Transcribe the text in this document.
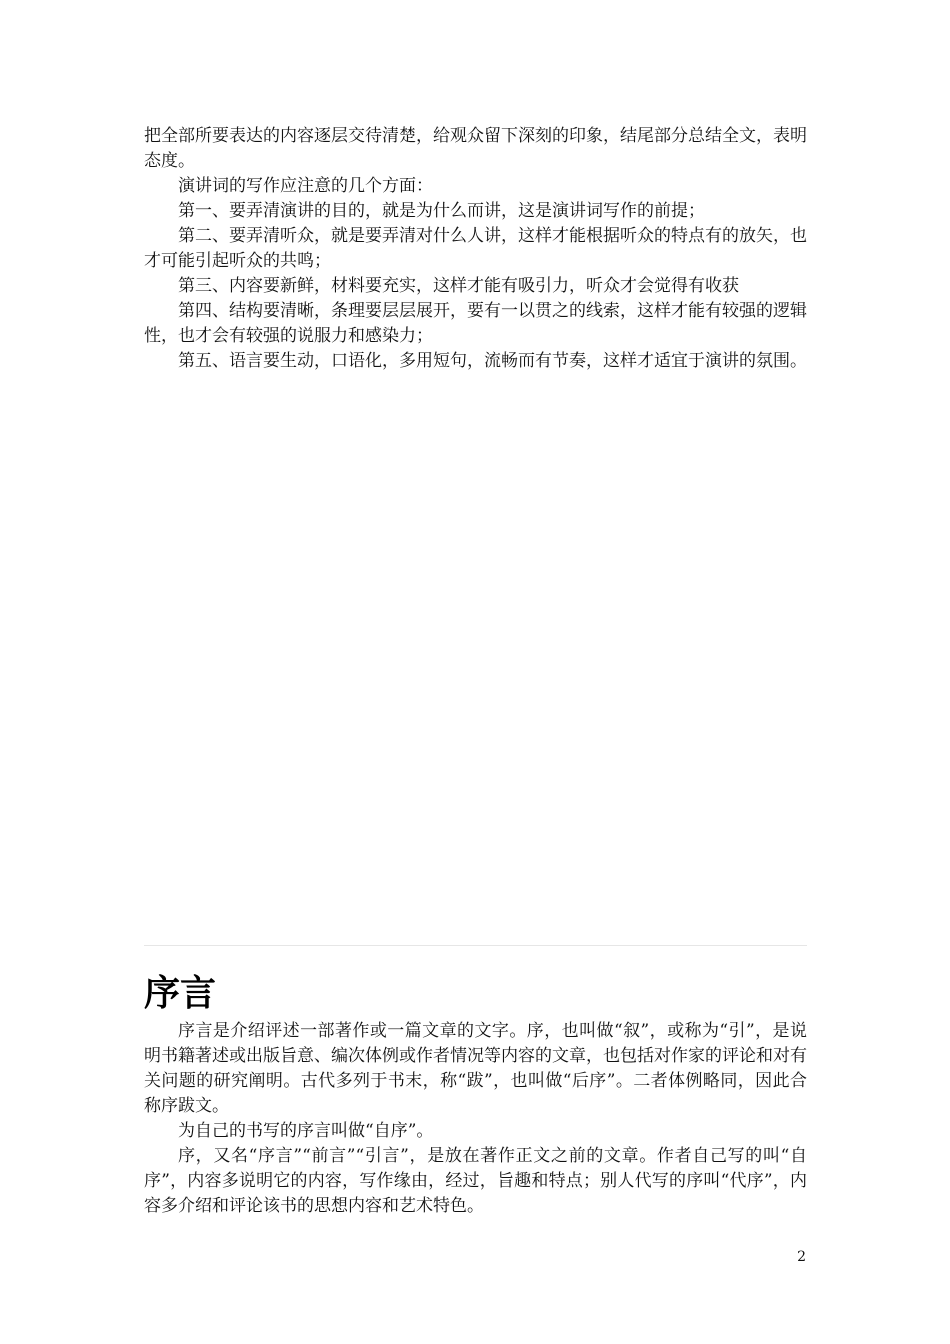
把全部所要表达的内容逐层交待清楚，给观众留下深刻的印象，结尾部分总结全文，表明态度。

演讲词的写作应注意的几个方面：

第一、要弄清演讲的目的，就是为什么而讲，这是演讲词写作的前提；

第二、要弄清听众，就是要弄清对什么人讲，这样才能根据听众的特点有的放矢，也才可能引起听众的共鸣；

第三、内容要新鲜，材料要充实，这样才能有吸引力，听众才会觉得有收获

第四、结构要清晰，条理要层层展开，要有一以贯之的线索，这样才能有较强的逻辑性，也才会有较强的说服力和感染力；

第五、语言要生动，口语化，多用短句，流畅而有节奏，这样才适宜于演讲的氛围。

序言

序言是介绍评述一部著作或一篇文章的文字。序，也叫做“叙”，或称为“引”，是说明书籍著述或出版旨意、编次体例或作者情况等内容的文章，也包括对作家的评论和对有关问题的研究阐明。古代多列于书末，称“跋”，也叫做“后序”。二者体例略同，因此合称序跋文。

为自己的书写的序言叫做“自序”。

序，又名“序言”“前言”“引言”，是放在著作正文之前的文章。作者自己写的叫“自序”，内容多说明它的内容，写作缘由，经过，旨趣和特点；别人代写的序叫“代序”，内容多介绍和评论该书的思想内容和艺术特色。

2
